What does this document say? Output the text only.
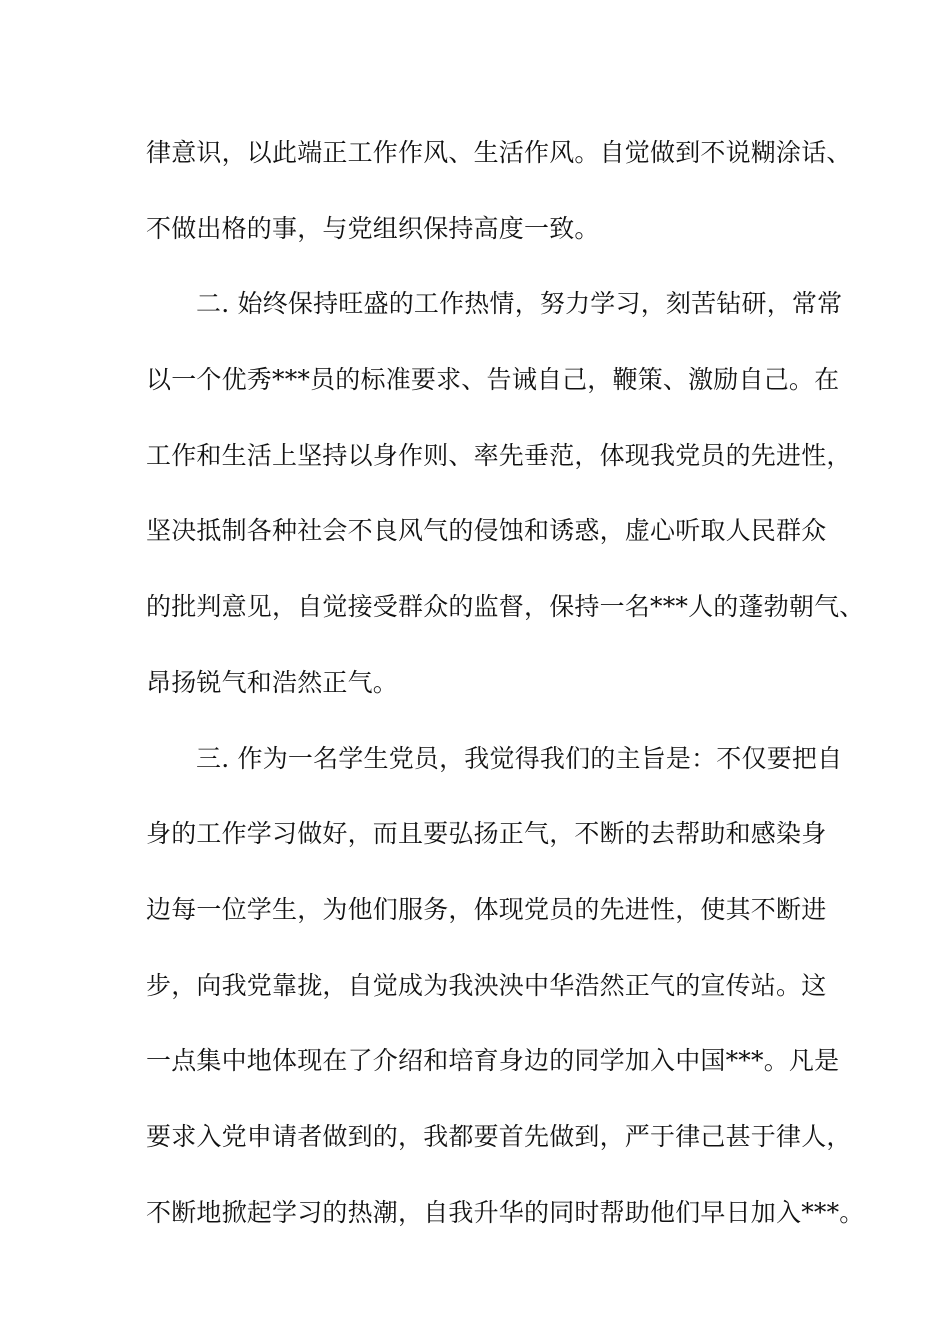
律意识，以此端正工作作风、生活作风。自觉做到不说糊涂话、
不做出格的事，与党组织保持高度一致。
二. 始终保持旺盛的工作热情，努力学习，刻苦钻研，常常
以一个优秀***员的标准要求、告诫自己，鞭策、激励自己。在
工作和生活上坚持以身作则、率先垂范，体现我党员的先进性，
坚决抵制各种社会不良风气的侵蚀和诱惑，虚心听取人民群众
的批判意见，自觉接受群众的监督，保持一名***人的蓬勃朝气、
昂扬锐气和浩然正气。
三. 作为一名学生党员，我觉得我们的主旨是：不仅要把自
身的工作学习做好，而且要弘扬正气，不断的去帮助和感染身
边每一位学生，为他们服务，体现党员的先进性，使其不断进
步，向我党靠拢，自觉成为我泱泱中华浩然正气的宣传站。这
一点集中地体现在了介绍和培育身边的同学加入中国***。凡是
要求入党申请者做到的，我都要首先做到，严于律己甚于律人，
不断地掀起学习的热潮，自我升华的同时帮助他们早日加入***。
